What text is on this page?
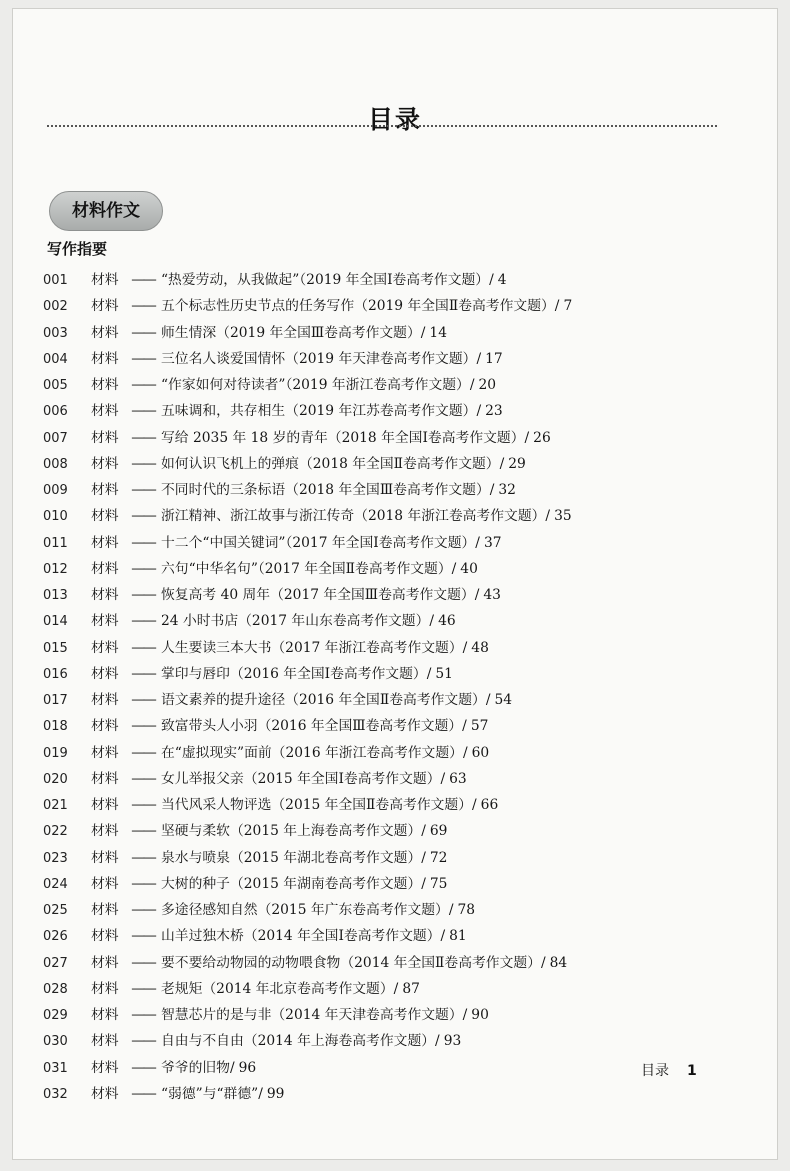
目录
材料作文
写作指要
001 材料 —— “热爱劳动，从我做起”（2019 年全国Ⅰ卷高考作文题）/ 4
002 材料 —— 五个标志性历史节点的任务写作（2019 年全国Ⅱ卷高考作文题）/ 7
003 材料 —— 师生情深（2019 年全国Ⅲ卷高考作文题）/ 14
004 材料 —— 三位名人谈爱国情怀（2019 年天津卷高考作文题）/ 17
005 材料 —— “作家如何对待读者”（2019 年浙江卷高考作文题）/ 20
006 材料 —— 五味调和，共存相生（2019 年江苏卷高考作文题）/ 23
007 材料 —— 写给 2035 年 18 岁的青年（2018 年全国Ⅰ卷高考作文题）/ 26
008 材料 —— 如何认识飞机上的弹痕（2018 年全国Ⅱ卷高考作文题）/ 29
009 材料 —— 不同时代的三条标语（2018 年全国Ⅲ卷高考作文题）/ 32
010 材料 —— 浙江精神、浙江故事与浙江传奇（2018 年浙江卷高考作文题）/ 35
011 材料 —— 十二个“中国关键词”（2017 年全国Ⅰ卷高考作文题）/ 37
012 材料 —— 六句“中华名句”（2017 年全国Ⅱ卷高考作文题）/ 40
013 材料 —— 恢复高考 40 周年（2017 年全国Ⅲ卷高考作文题）/ 43
014 材料 —— 24 小时书店（2017 年山东卷高考作文题）/ 46
015 材料 —— 人生要读三本大书（2017 年浙江卷高考作文题）/ 48
016 材料 —— 掌印与唇印（2016 年全国Ⅰ卷高考作文题）/ 51
017 材料 —— 语文素养的提升途径（2016 年全国Ⅱ卷高考作文题）/ 54
018 材料 —— 致富带头人小羽（2016 年全国Ⅲ卷高考作文题）/ 57
019 材料 —— 在“虚拟现实”面前（2016 年浙江卷高考作文题）/ 60
020 材料 —— 女儿举报父亲（2015 年全国Ⅰ卷高考作文题）/ 63
021 材料 —— 当代风采人物评选（2015 年全国Ⅱ卷高考作文题）/ 66
022 材料 —— 坚硬与柔软（2015 年上海卷高考作文题）/ 69
023 材料 —— 泉水与喷泉（2015 年湖北卷高考作文题）/ 72
024 材料 —— 大树的种子（2015 年湖南卷高考作文题）/ 75
025 材料 —— 多途径感知自然（2015 年广东卷高考作文题）/ 78
026 材料 —— 山羊过独木桥（2014 年全国Ⅰ卷高考作文题）/ 81
027 材料 —— 要不要给动物园的动物喂食物（2014 年全国Ⅱ卷高考作文题）/ 84
028 材料 —— 老规矩（2014 年北京卷高考作文题）/ 87
029 材料 —— 智慧芯片的是与非（2014 年天津卷高考作文题）/ 90
030 材料 —— 自由与不自由（2014 年上海卷高考作文题）/ 93
031 材料 —— 爷爷的旧物/ 96
032 材料 —— “弱德”与“群德”/ 99
目录 1
